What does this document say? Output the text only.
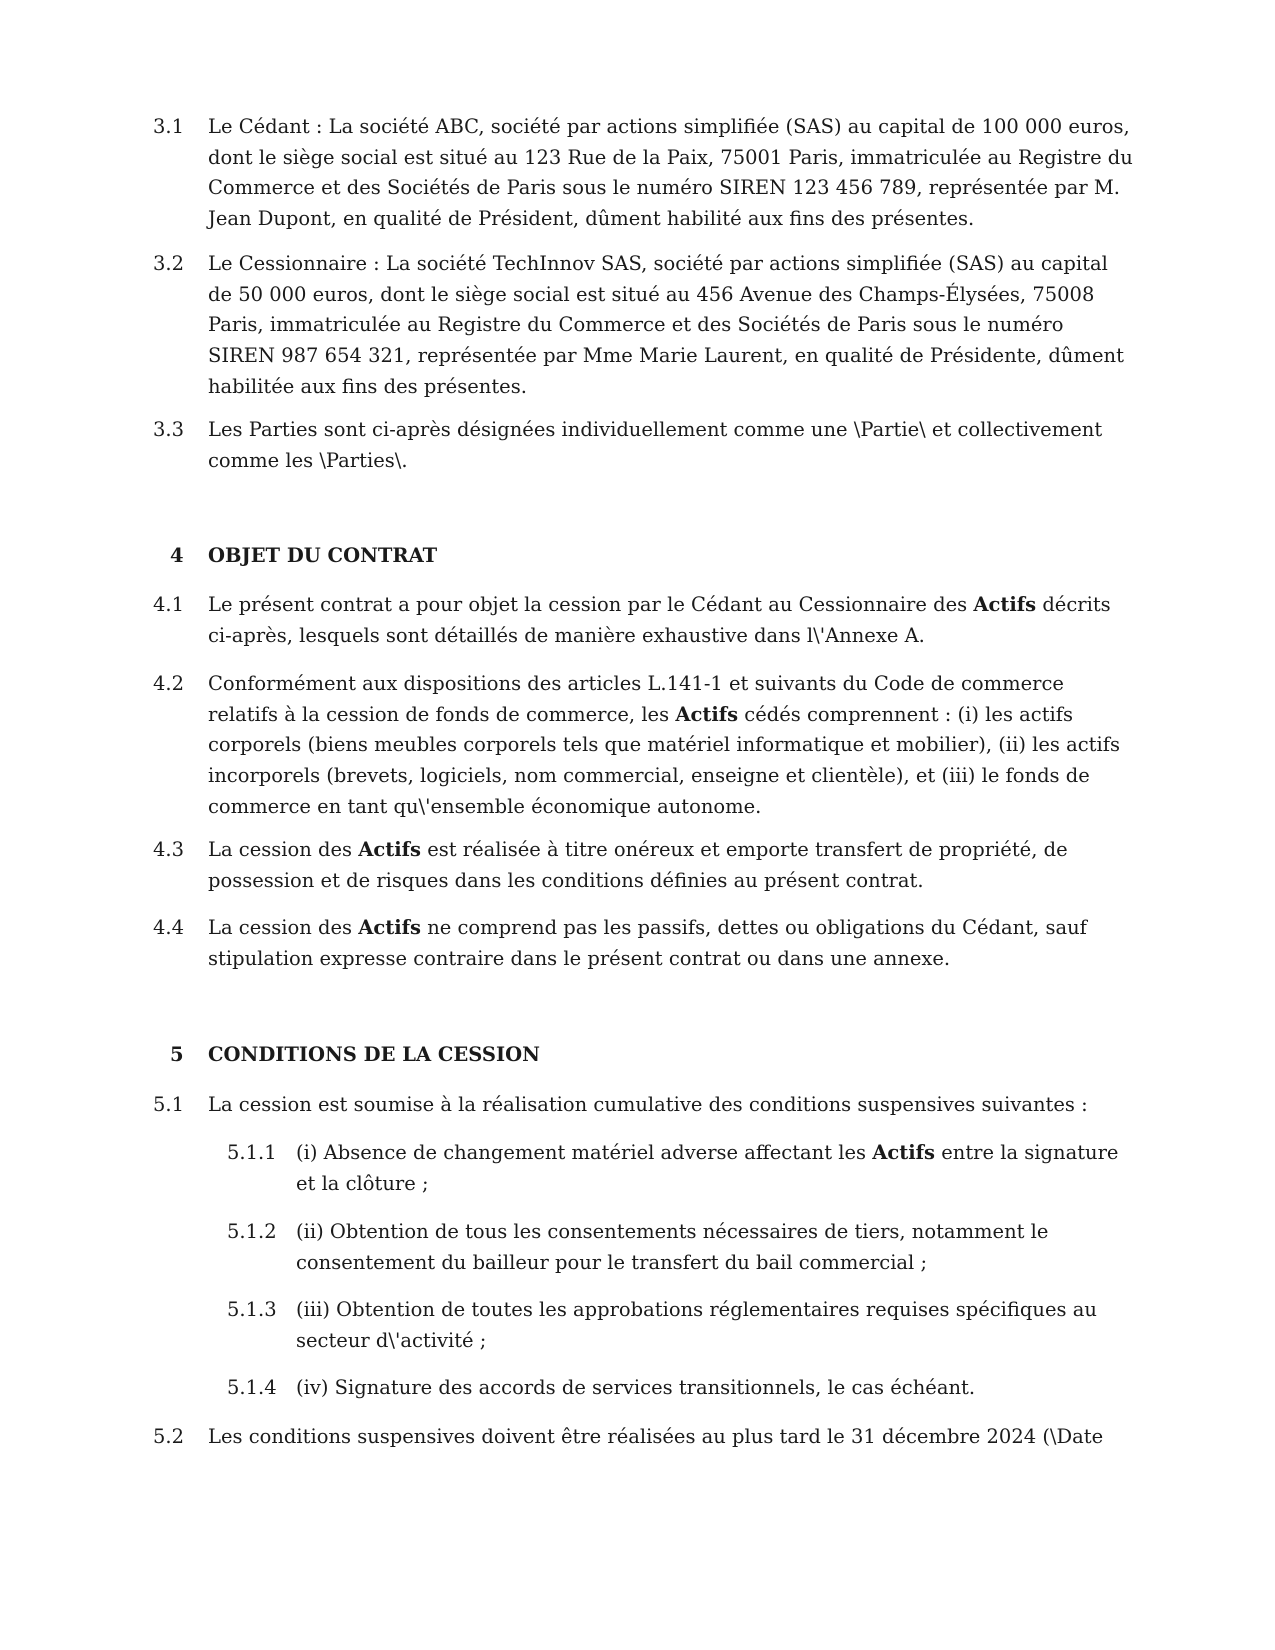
3.1 Le Cédant : La société ABC, société par actions simplifiée (SAS) au capital de 100 000 euros, dont le siège social est situé au 123 Rue de la Paix, 75001 Paris, immatriculée au Registre du Commerce et des Sociétés de Paris sous le numéro SIREN 123 456 789, représentée par M. Jean Dupont, en qualité de Président, dûment habilité aux fins des présentes.
3.2 Le Cessionnaire : La société TechInnov SAS, société par actions simplifiée (SAS) au capital de 50 000 euros, dont le siège social est situé au 456 Avenue des Champs-Élysées, 75008 Paris, immatriculée au Registre du Commerce et des Sociétés de Paris sous le numéro SIREN 987 654 321, représentée par Mme Marie Laurent, en qualité de Présidente, dûment habilitée aux fins des présentes.
3.3 Les Parties sont ci-après désignées individuellement comme une \Partie\ et collectivement comme les \Parties\.
4 OBJET DU CONTRAT
4.1 Le présent contrat a pour objet la cession par le Cédant au Cessionnaire des Actifs décrits ci-après, lesquels sont détaillés de manière exhaustive dans l\'Annexe A.
4.2 Conformément aux dispositions des articles L.141-1 et suivants du Code de commerce relatifs à la cession de fonds de commerce, les Actifs cédés comprennent : (i) les actifs corporels (biens meubles corporels tels que matériel informatique et mobilier), (ii) les actifs incorporels (brevets, logiciels, nom commercial, enseigne et clientèle), et (iii) le fonds de commerce en tant qu\'ensemble économique autonome.
4.3 La cession des Actifs est réalisée à titre onéreux et emporte transfert de propriété, de possession et de risques dans les conditions définies au présent contrat.
4.4 La cession des Actifs ne comprend pas les passifs, dettes ou obligations du Cédant, sauf stipulation expresse contraire dans le présent contrat ou dans une annexe.
5 CONDITIONS DE LA CESSION
5.1 La cession est soumise à la réalisation cumulative des conditions suspensives suivantes :
5.1.1 (i) Absence de changement matériel adverse affectant les Actifs entre la signature et la clôture ;
5.1.2 (ii) Obtention de tous les consentements nécessaires de tiers, notamment le consentement du bailleur pour le transfert du bail commercial ;
5.1.3 (iii) Obtention de toutes les approbations réglementaires requises spécifiques au secteur d\'activité ;
5.1.4 (iv) Signature des accords de services transitionnels, le cas échéant.
5.2 Les conditions suspensives doivent être réalisées au plus tard le 31 décembre 2024 (\Date
